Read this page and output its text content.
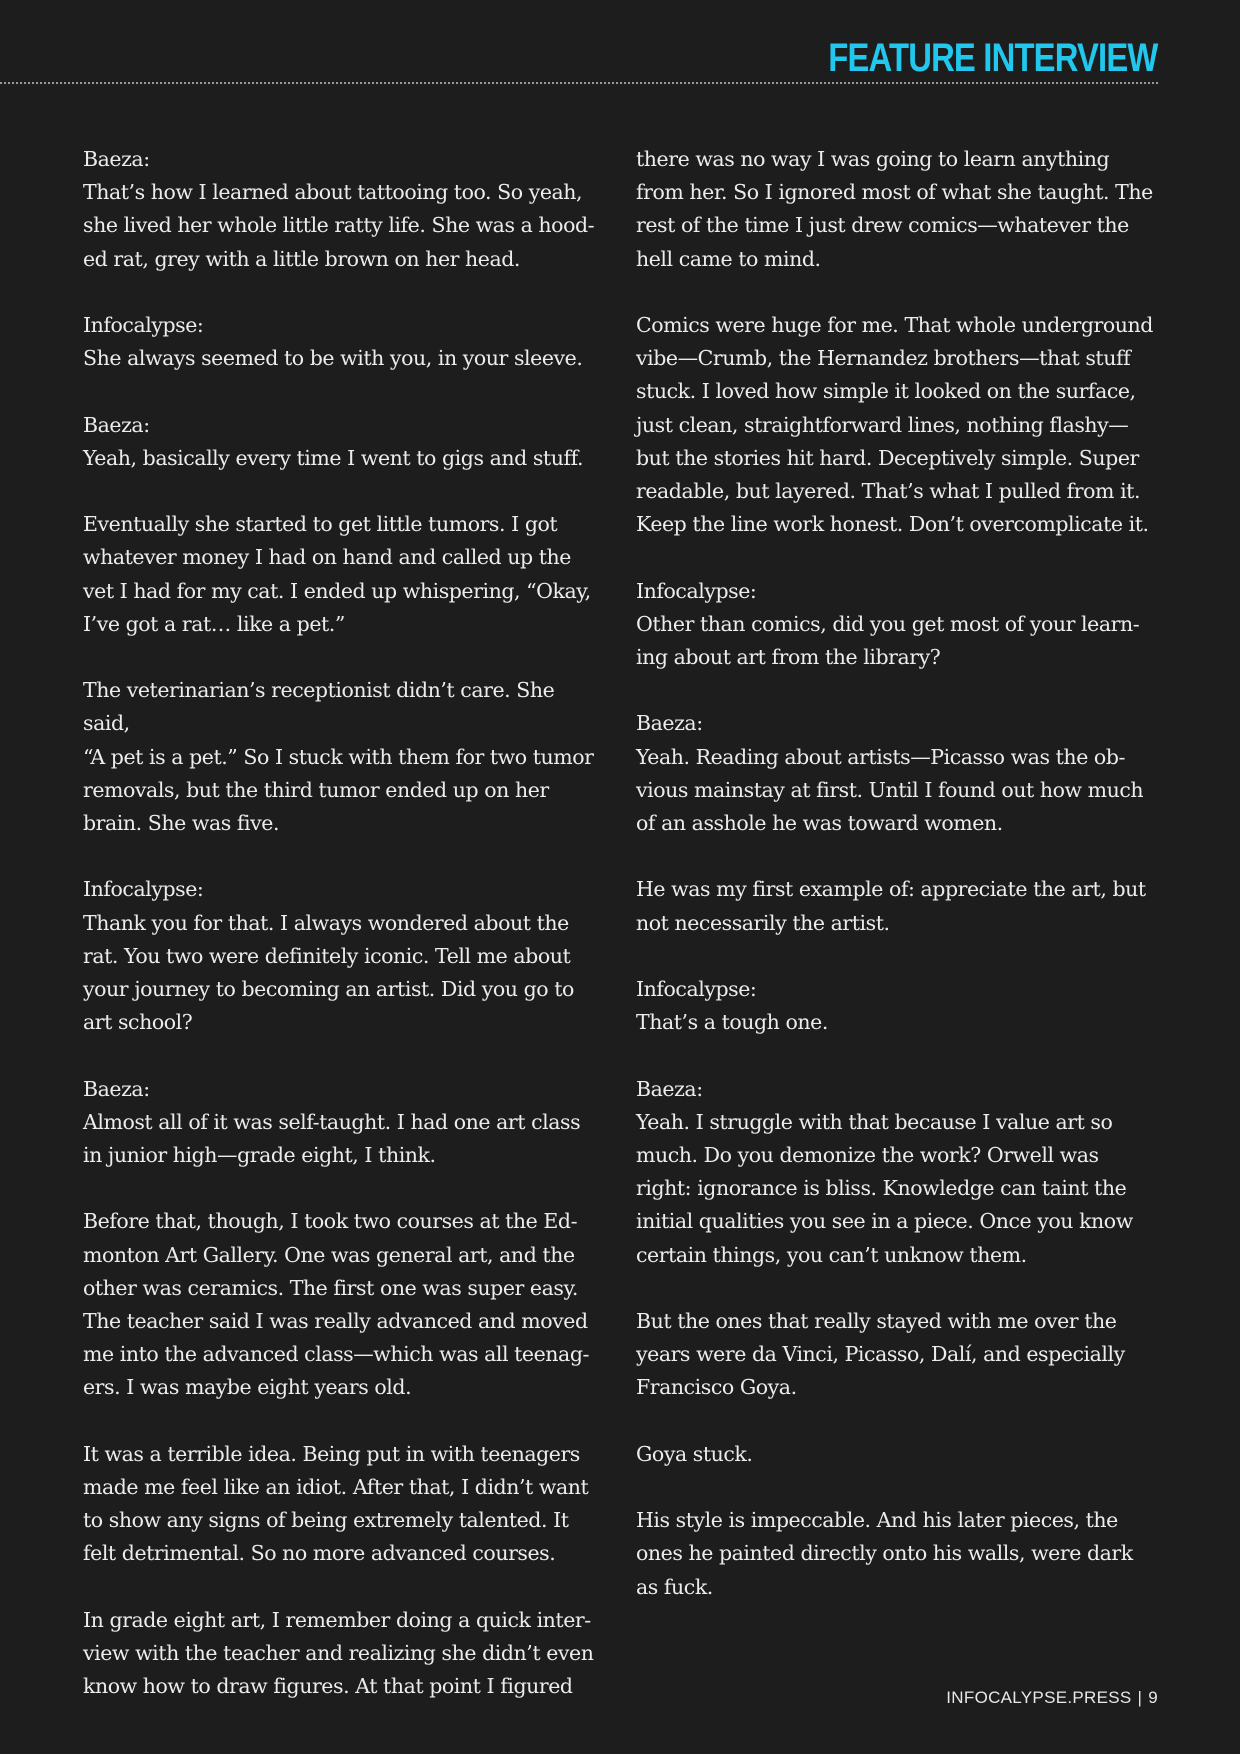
FEATURE INTERVIEW

Baeza:
That’s how I learned about tattooing too. So yeah,
she lived her whole little ratty life. She was a hood-
ed rat, grey with a little brown on her head.

Infocalypse:
She always seemed to be with you, in your sleeve.

Baeza:
Yeah, basically every time I went to gigs and stuff.

Eventually she started to get little tumors. I got
whatever money I had on hand and called up the
vet I had for my cat. I ended up whispering, “Okay,
I’ve got a rat… like a pet.”

The veterinarian’s receptionist didn’t care. She said,
“A pet is a pet.” So I stuck with them for two tumor
removals, but the third tumor ended up on her
brain. She was five.

Infocalypse:
Thank you for that. I always wondered about the
rat. You two were definitely iconic. Tell me about
your journey to becoming an artist. Did you go to
art school?

Baeza:
Almost all of it was self-taught. I had one art class
in junior high—grade eight, I think.

Before that, though, I took two courses at the Ed-
monton Art Gallery. One was general art, and the
other was ceramics. The first one was super easy.
The teacher said I was really advanced and moved
me into the advanced class—which was all teenag-
ers. I was maybe eight years old.

It was a terrible idea. Being put in with teenagers
made me feel like an idiot. After that, I didn’t want
to show any signs of being extremely talented. It
felt detrimental. So no more advanced courses.

In grade eight art, I remember doing a quick inter-
view with the teacher and realizing she didn’t even
know how to draw figures. At that point I figured

there was no way I was going to learn anything
from her. So I ignored most of what she taught. The
rest of the time I just drew comics—whatever the
hell came to mind.

Comics were huge for me. That whole underground
vibe—Crumb, the Hernandez brothers—that stuff
stuck. I loved how simple it looked on the surface,
just clean, straightforward lines, nothing flashy—
but the stories hit hard. Deceptively simple. Super
readable, but layered. That’s what I pulled from it.
Keep the line work honest. Don’t overcomplicate it.

Infocalypse:
Other than comics, did you get most of your learn-
ing about art from the library?

Baeza:
Yeah. Reading about artists—Picasso was the ob-
vious mainstay at first. Until I found out how much
of an asshole he was toward women.

He was my first example of: appreciate the art, but
not necessarily the artist.

Infocalypse:
That’s a tough one.

Baeza:
Yeah. I struggle with that because I value art so
much. Do you demonize the work? Orwell was
right: ignorance is bliss. Knowledge can taint the
initial qualities you see in a piece. Once you know
certain things, you can’t unknow them.

But the ones that really stayed with me over the
years were da Vinci, Picasso, Dalí, and especially
Francisco Goya.

Goya stuck.

His style is impeccable. And his later pieces, the
ones he painted directly onto his walls, were dark
as fuck.

INFOCALYPSE.PRESS | 9
